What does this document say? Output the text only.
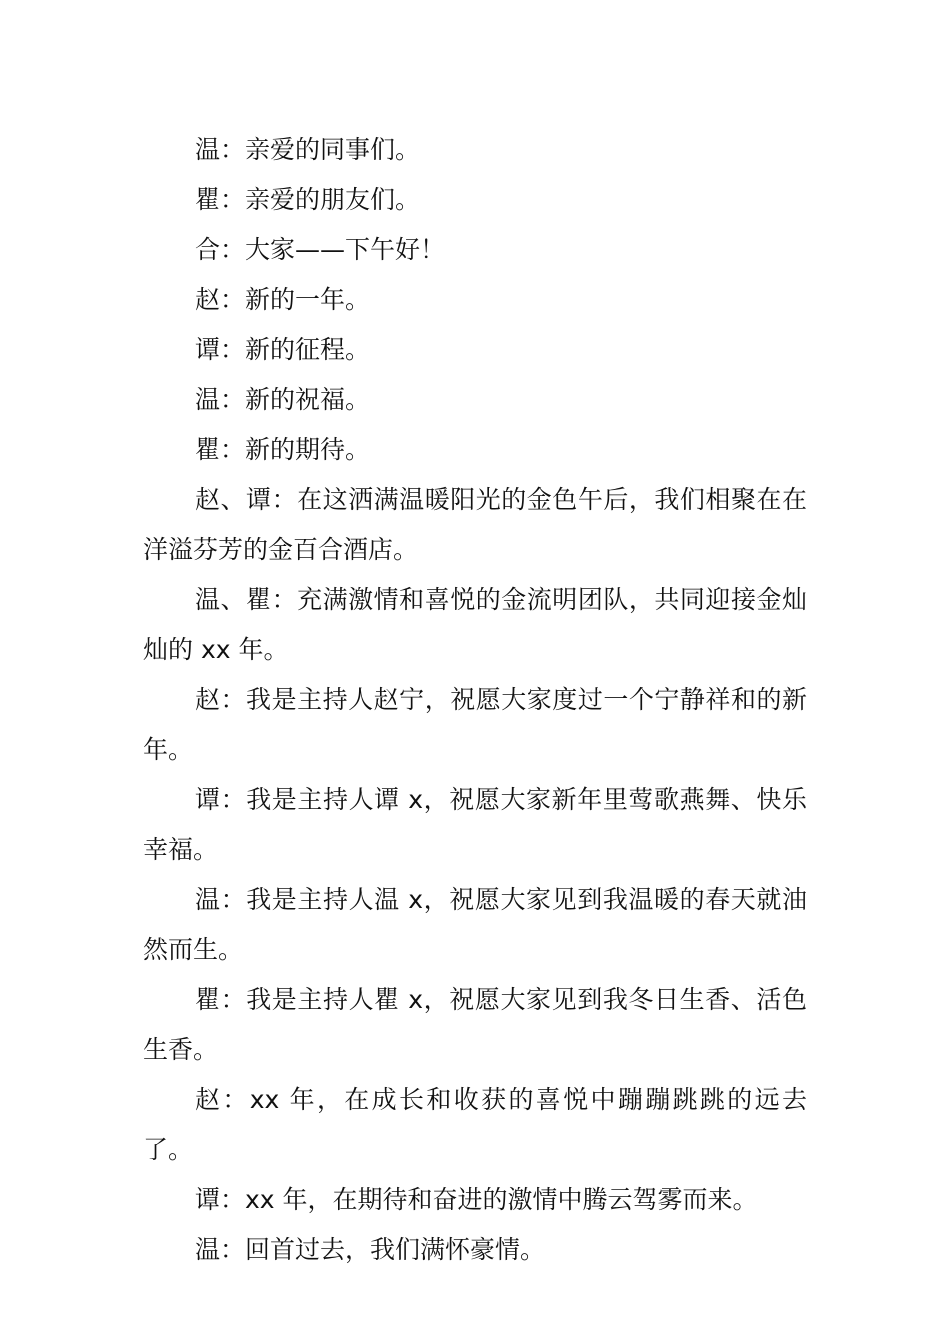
温：亲爱的同事们。

瞿：亲爱的朋友们。

合：大家——下午好！

赵：新的一年。

谭：新的征程。

温：新的祝福。

瞿：新的期待。

赵、谭：在这洒满温暖阳光的金色午后，我们相聚在在洋溢芬芳的金百合酒店。

温、瞿：充满激情和喜悦的金流明团队，共同迎接金灿灿的 xx 年。

赵：我是主持人赵宁，祝愿大家度过一个宁静祥和的新年。

谭：我是主持人谭 x，祝愿大家新年里莺歌燕舞、快乐幸福。

温：我是主持人温 x，祝愿大家见到我温暖的春天就油然而生。

瞿：我是主持人瞿 x，祝愿大家见到我冬日生香、活色生香。

赵：xx 年，在成长和收获的喜悦中蹦蹦跳跳的远去了。

谭：xx 年，在期待和奋进的激情中腾云驾雾而来。

温：回首过去，我们满怀豪情。
